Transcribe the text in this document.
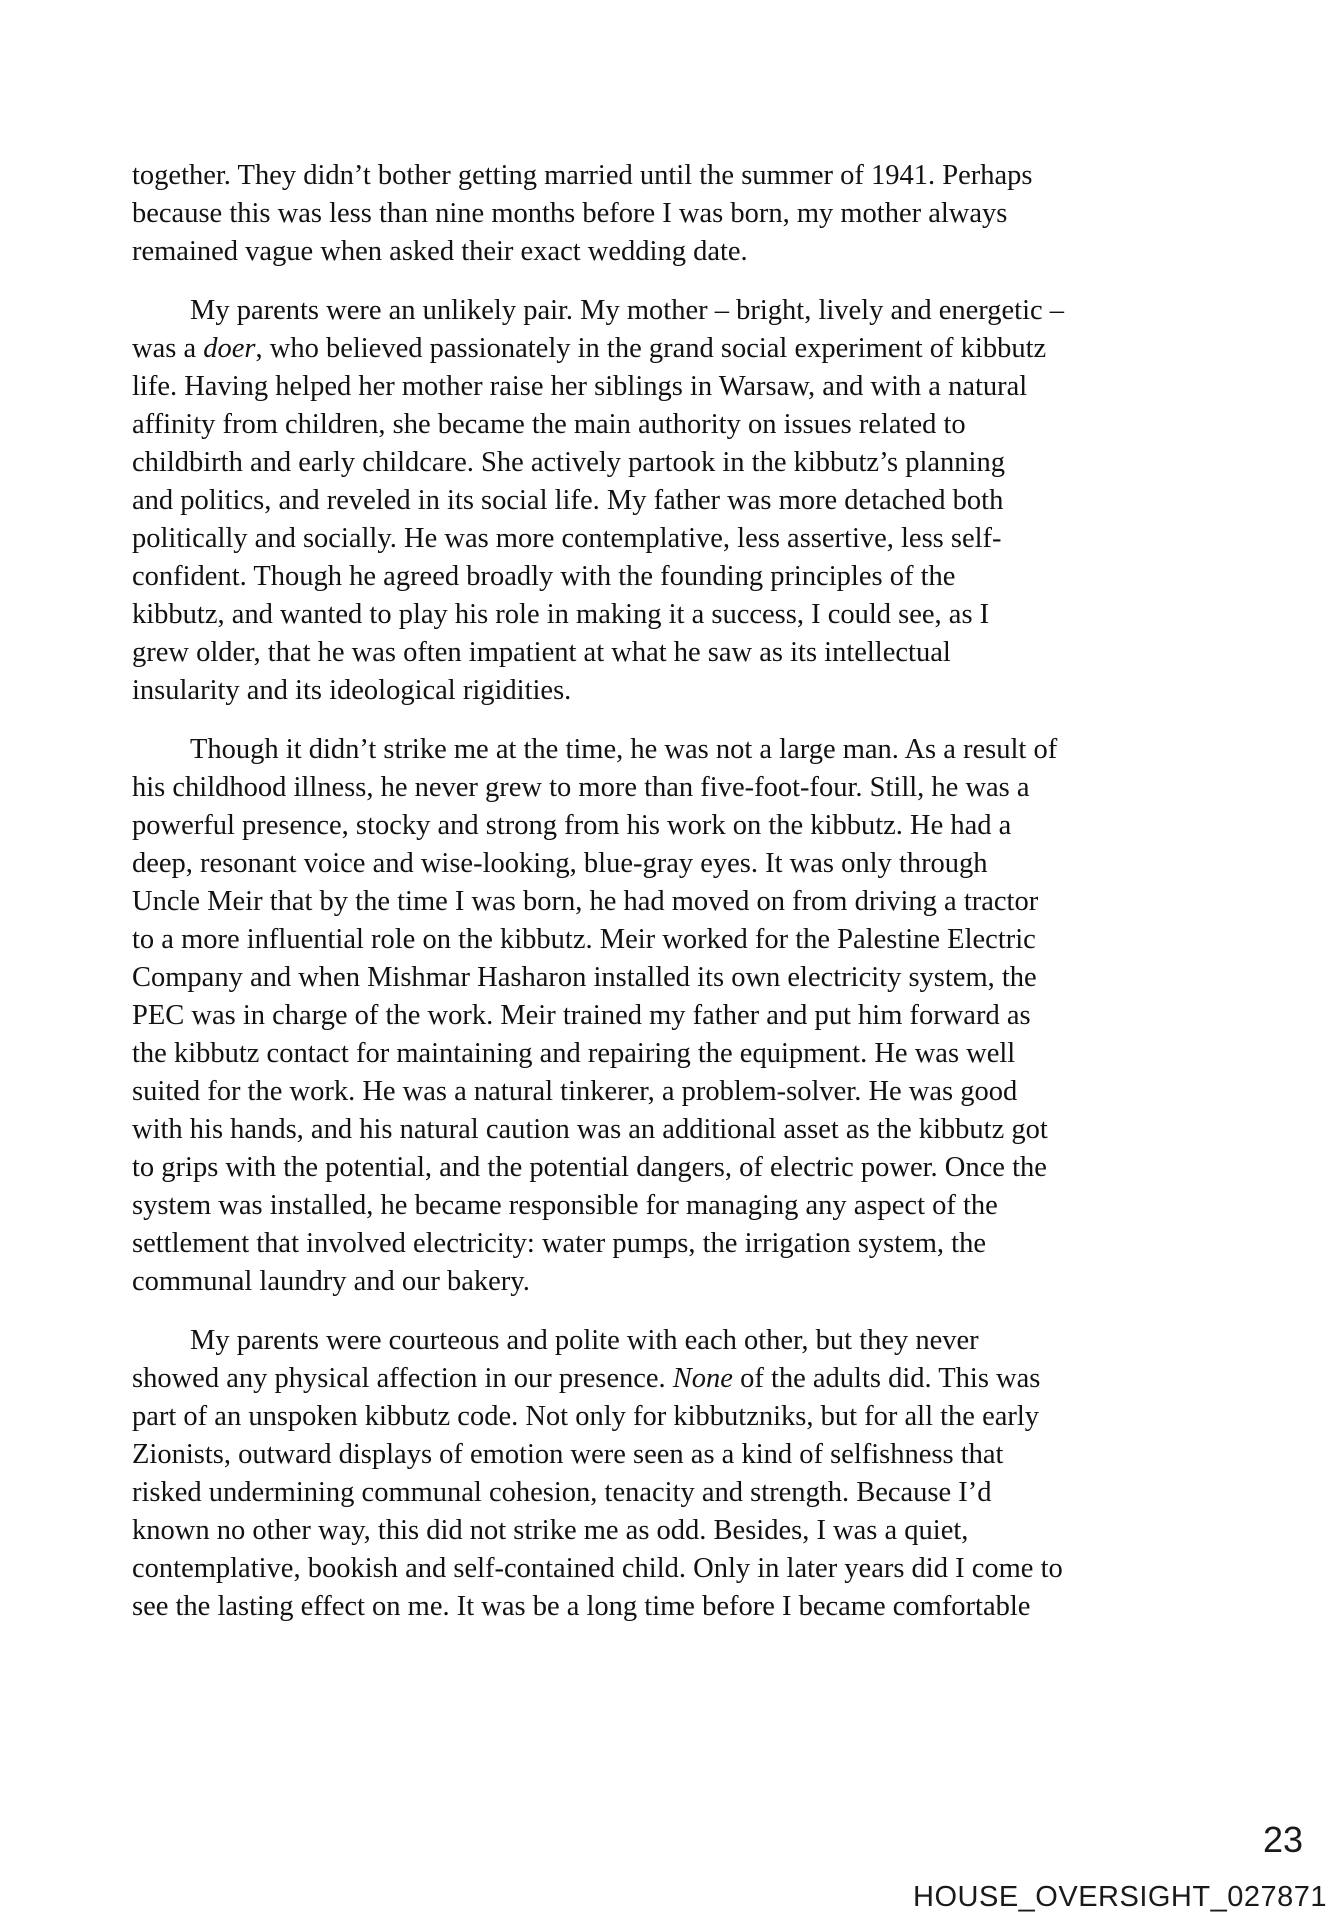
together. They didn’t bother getting married until the summer of 1941. Perhaps
because this was less than nine months before I was born, my mother always
remained vague when asked their exact wedding date.
My parents were an unlikely pair. My mother – bright, lively and energetic –
was a doer, who believed passionately in the grand social experiment of kibbutz
life. Having helped her mother raise her siblings in Warsaw, and with a natural
affinity from children, she became the main authority on issues related to
childbirth and early childcare. She actively partook in the kibbutz’s planning
and politics, and reveled in its social life. My father was more detached both
politically and socially. He was more contemplative, less assertive, less self-
confident. Though he agreed broadly with the founding principles of the
kibbutz, and wanted to play his role in making it a success, I could see, as I
grew older, that he was often impatient at what he saw as its intellectual
insularity and its ideological rigidities.
Though it didn’t strike me at the time, he was not a large man. As a result of
his childhood illness, he never grew to more than five-foot-four. Still, he was a
powerful presence, stocky and strong from his work on the kibbutz. He had a
deep, resonant voice and wise-looking, blue-gray eyes. It was only through
Uncle Meir that by the time I was born, he had moved on from driving a tractor
to a more influential role on the kibbutz. Meir worked for the Palestine Electric
Company and when Mishmar Hasharon installed its own electricity system, the
PEC was in charge of the work. Meir trained my father and put him forward as
the kibbutz contact for maintaining and repairing the equipment. He was well
suited for the work. He was a natural tinkerer, a problem-solver. He was good
with his hands, and his natural caution was an additional asset as the kibbutz got
to grips with the potential, and the potential dangers, of electric power. Once the
system was installed, he became responsible for managing any aspect of the
settlement that involved electricity: water pumps, the irrigation system, the
communal laundry and our bakery.
My parents were courteous and polite with each other, but they never
showed any physical affection in our presence. None of the adults did. This was
part of an unspoken kibbutz code. Not only for kibbutzniks, but for all the early
Zionists, outward displays of emotion were seen as a kind of selfishness that
risked undermining communal cohesion, tenacity and strength. Because I’d
known no other way, this did not strike me as odd. Besides, I was a quiet,
contemplative, bookish and self-contained child. Only in later years did I come to
see the lasting effect on me. It was be a long time before I became comfortable
23
HOUSE_OVERSIGHT_027871
